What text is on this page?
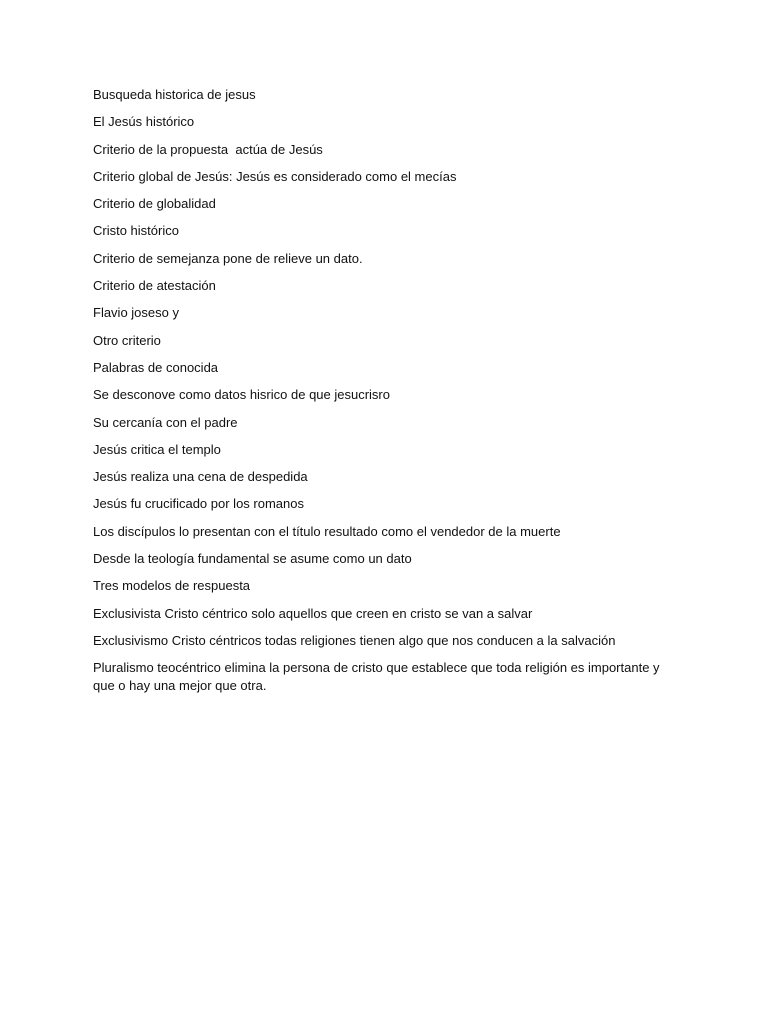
Busqueda historica de jesus

El Jesús histórico

Criterio de la propuesta  actúa de Jesús

Criterio global de Jesús: Jesús es considerado como el mecías

Criterio de globalidad

Cristo histórico

Criterio de semejanza pone de relieve un dato.

Criterio de atestación

Flavio joseso y

Otro criterio

Palabras de conocida

Se desconove como datos hisrico de que jesucrisro

Su cercanía con el padre

Jesús critica el templo

Jesús realiza una cena de despedida

Jesús fu crucificado por los romanos

Los discípulos lo presentan con el título resultado como el vendedor de la muerte

Desde la teología fundamental se asume como un dato

Tres modelos de respuesta

Exclusivista Cristo céntrico solo aquellos que creen en cristo se van a salvar

Exclusivismo Cristo céntricos todas religiones tienen algo que nos conducen a la salvación

Pluralismo teocéntrico elimina la persona de cristo que establece que toda religión es importante y que o hay una mejor que otra.
